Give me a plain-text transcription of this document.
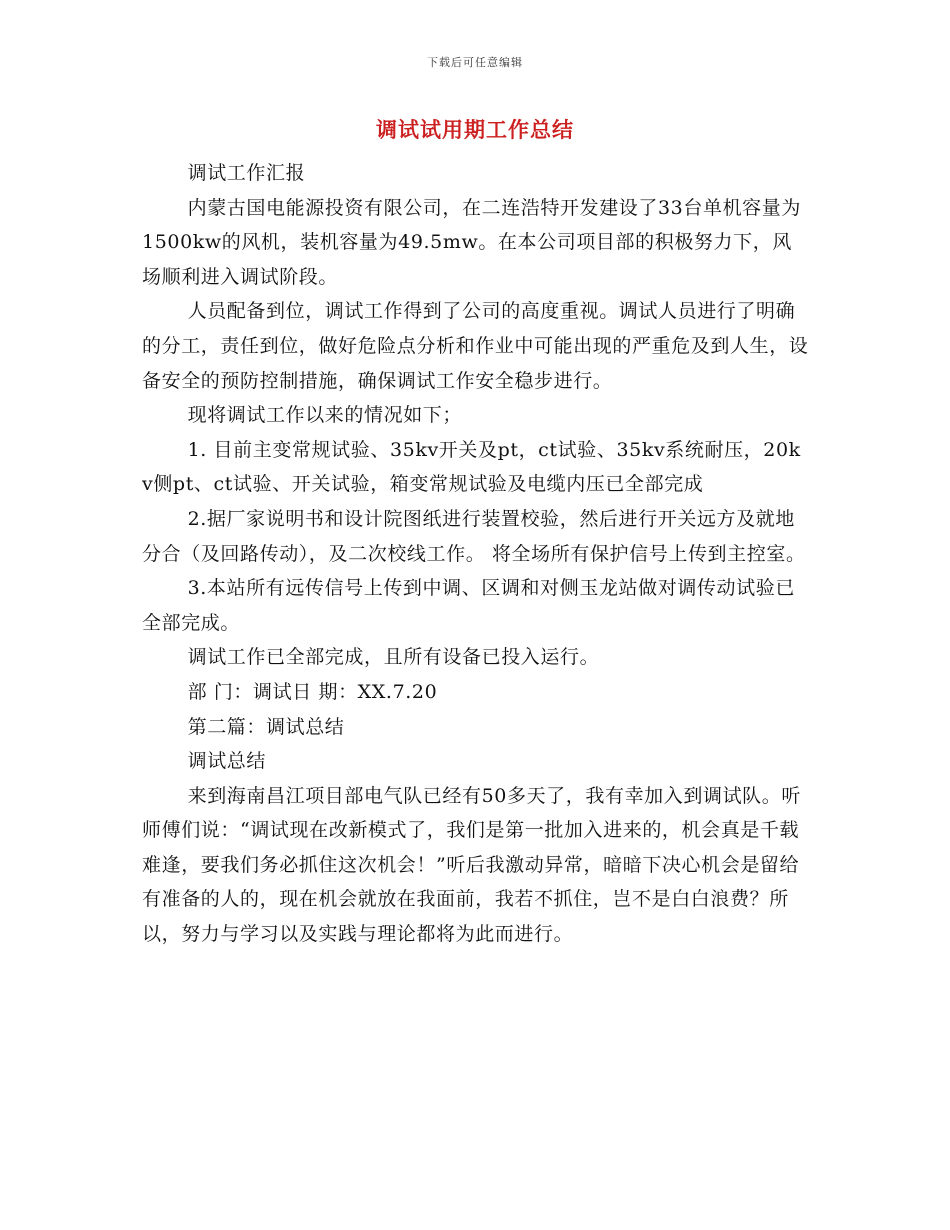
下载后可任意编辑
调试试用期工作总结

调试工作汇报

内蒙古国电能源投资有限公司，在二连浩特开发建设了33台单机容量为1500kw的风机，装机容量为49.5mw。在本公司项目部的积极努力下，风场顺利进入调试阶段。

人员配备到位，调试工作得到了公司的高度重视。调试人员进行了明确的分工，责任到位，做好危险点分析和作业中可能出现的严重危及到人生，设备安全的预防控制措施，确保调试工作安全稳步进行。

现将调试工作以来的情况如下；

1. 目前主变常规试验、35kv开关及pt，ct试验、35kv系统耐压，20kv侧pt、ct试验、开关试验，箱变常规试验及电缆内压已全部完成

2.据厂家说明书和设计院图纸进行装置校验，然后进行开关远方及就地分合（及回路传动），及二次校线工作。 将全场所有保护信号上传到主控室。

3.本站所有远传信号上传到中调、区调和对侧玉龙站做对调传动试验已全部完成。

调试工作已全部完成，且所有设备已投入运行。

部 门：调试日 期：XX.7.20

第二篇：调试总结

调试总结

来到海南昌江项目部电气队已经有50多天了，我有幸加入到调试队。听师傅们说：“调试现在改新模式了，我们是第一批加入进来的，机会真是千载难逢，要我们务必抓住这次机会！”听后我激动异常，暗暗下决心机会是留给有准备的人的，现在机会就放在我面前，我若不抓住，岂不是白白浪费？所以，努力与学习以及实践与理论都将为此而进行。
